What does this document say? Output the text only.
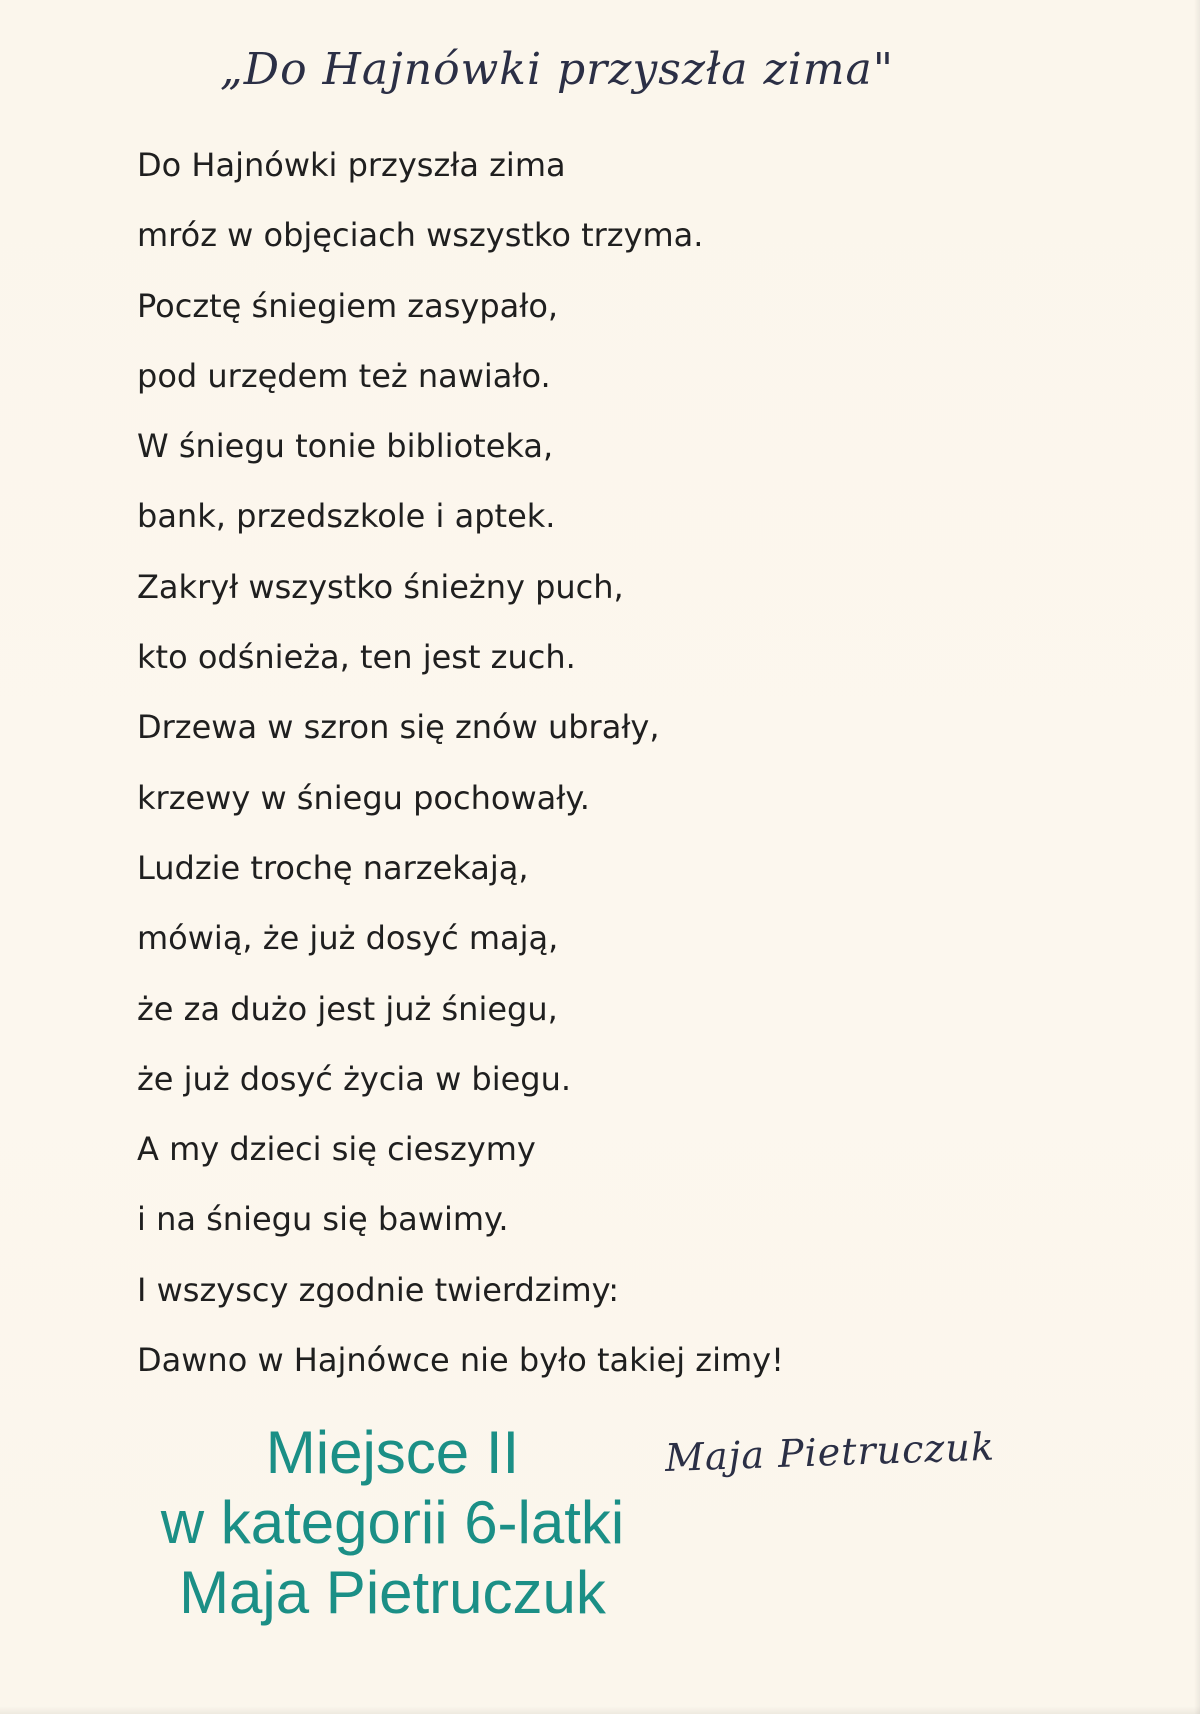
„Do Hajnówki przyszła zima"
Do Hajnówki przyszła zima
mróz w objęciach wszystko trzyma.
Pocztę śniegiem zasypało,
pod urzędem też nawiało.
W śniegu tonie biblioteka,
bank, przedszkole i aptek.
Zakrył wszystko śnieżny puch,
kto odśnieża, ten jest zuch.
Drzewa w szron się znów ubrały,
krzewy w śniegu pochowały.
Ludzie trochę narzekają,
mówią, że już dosyć mają,
że za dużo jest już śniegu,
że już dosyć życia w biegu.
A my dzieci się cieszymy
i na śniegu się bawimy.
I wszyscy zgodnie twierdzimy:
Dawno w Hajnówce nie było takiej zimy!
Miejsce II
w kategorii 6-latki
Maja Pietruczuk
Maja Pietruczuk
